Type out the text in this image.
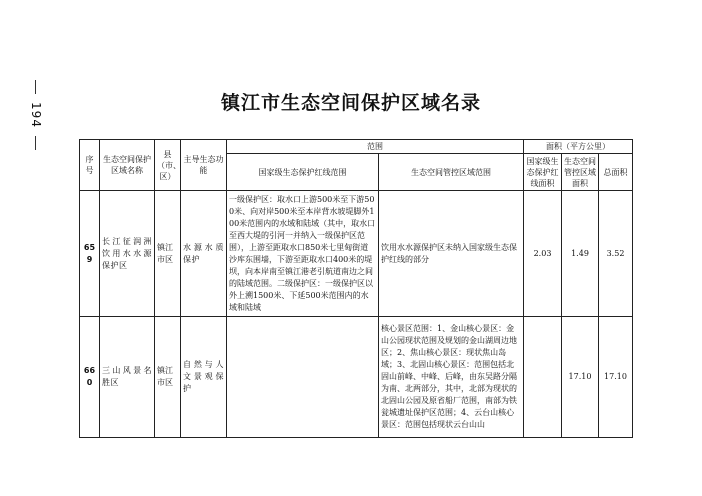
194	镇江市生态空间保护区域名录
序号	生态空间保护区域名称	县（市、区）	主导生态功能	范围		面积（平方公里）		
				国家级生态保护红线范围	生态空间管控区域范围	国家级生态保护红线面积	生态空间管控区域面积	总面积
659	长江征润洲饮用水水源保护区	镇江市区	水源水质保护	一级保护区：取水口上游500米至下游500米、向对岸500米至本岸背水坡堤脚外100米范围内的水域和陆域（其中，取水口至西大堤的引河一并纳入一级保护区范围），上游至距取水口850米七里甸街道沙库东围墙，下游至距取水口400米的堤坝，向本岸南至镇江港老引航道南边之间的陆域范围。二级保护区：一级保护区以外上溯1500米、下延500米范围内的水域和陆域	饮用水水源保护区未纳入国家级生态保护红线的部分	2.03	1.49	3.52
660	三山风景名胜区	镇江市区	自然与人文景观保护		核心景区范围：1、金山核心景区：金山公园现状范围及规划的金山湖周边地区；2、焦山核心景区：现状焦山岛域；3、北固山核心景区：范围包括北固山前峰、中峰、后峰，由东吴路分隔为南、北两部分，其中，北部为现状的北固山公园及原省船厂范围，南部为铁瓮城遗址保护区范围；4、云台山核心景区：范围包括现状云台山山		17.10	17.10
